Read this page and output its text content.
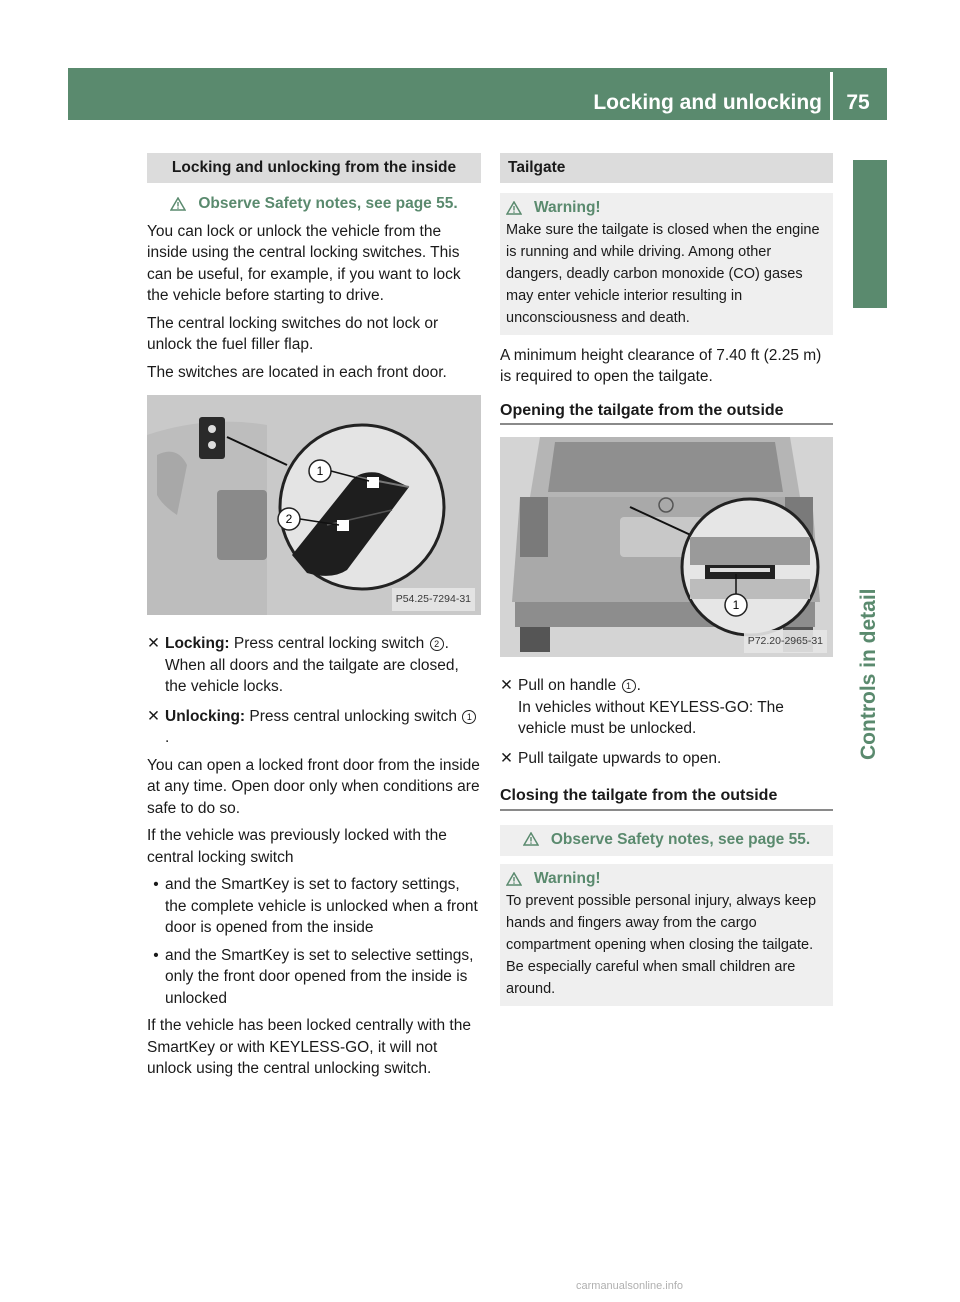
Locking and unlocking	75
Controls in detail
Locking and unlocking from the inside
Observe Safety notes, see page 55.

You can lock or unlock the vehicle from the inside using the central locking switches. This can be useful, for example, if you want to lock the vehicle before starting to drive.

The central locking switches do not lock or unlock the fuel filler flap.

The switches are located in each front door.

1
2
P54.25-7294-31
✕ Locking: Press central locking switch 2 . When all doors and the tailgate are closed, the vehicle locks.
✕ Unlocking: Press central unlocking switch 1.

You can open a locked front door from the inside at any time. Open door only when conditions are safe to do so.

If the vehicle was previously locked with the central locking switch

• and the SmartKey is set to factory settings, the complete vehicle is unlocked when a front door is opened from the inside
• and the SmartKey is set to selective settings, only the front door opened from the inside is unlocked

If the vehicle has been locked centrally with the SmartKey or with KEYLESS-GO, it will not unlock using the central unlocking switch.

Tailgate
Warning!
Make sure the tailgate is closed when the engine is running and while driving. Among other dangers, deadly carbon monoxide (CO) gases may enter vehicle interior resulting in unconsciousness and death.

A minimum height clearance of 7.40 ft (2.25 m) is required to open the tailgate.

Opening the tailgate from the outside
1
P72.20-2965-31
✕ Pull on handle 1 .
In vehicles without KEYLESS-GO: The vehicle must be unlocked.
✕ Pull tailgate upwards to open.
Closing the tailgate from the outside
Observe Safety notes, see page 55.
Warning!
To prevent possible personal injury, always keep hands and fingers away from the cargo compartment opening when closing the tailgate. Be especially careful when small children are around.
carmanualsonline.info
